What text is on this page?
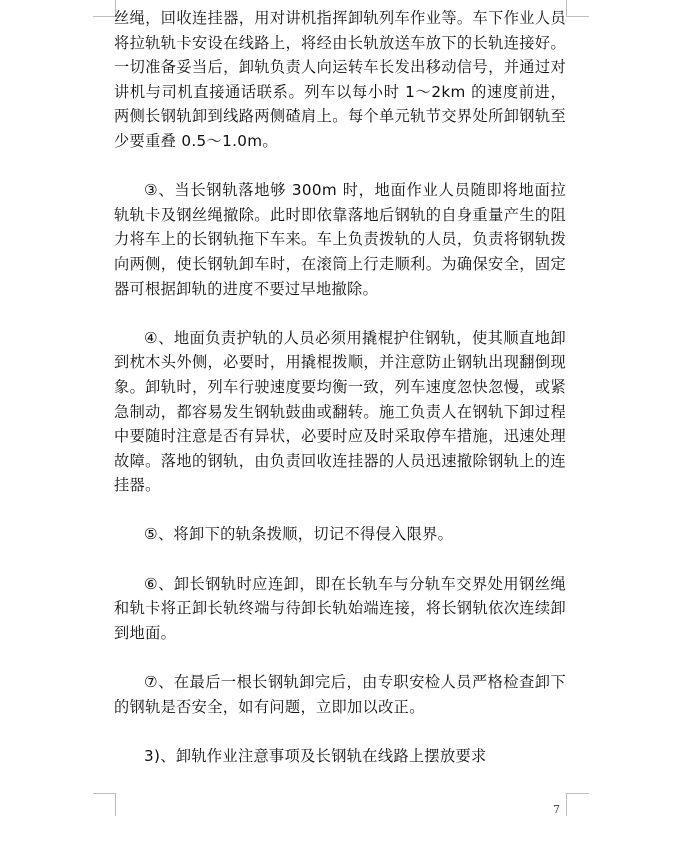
丝绳，回收连挂器，用对讲机指挥卸轨列车作业等。车下作业人员将拉轨轨卡安设在线路上，将经由长轨放送车放下的长轨连接好。一切准备妥当后，卸轨负责人向运转车长发出移动信号，并通过对讲机与司机直接通话联系。列车以每小时 1～2km 的速度前进，两侧长钢轨卸到线路两侧碴肩上。每个单元轨节交界处所卸钢轨至少要重叠 0.5～1.0m。

③、当长钢轨落地够 300m 时，地面作业人员随即将地面拉轨轨卡及钢丝绳撤除。此时即依靠落地后钢轨的自身重量产生的阻力将车上的长钢轨拖下车来。车上负责拨轨的人员，负责将钢轨拨向两侧，使长钢轨卸车时，在滚筒上行走顺利。为确保安全，固定器可根据卸轨的进度不要过早地撤除。

④、地面负责护轨的人员必须用撬棍护住钢轨，使其顺直地卸到枕木头外侧，必要时，用撬棍拨顺，并注意防止钢轨出现翻倒现象。卸轨时，列车行驶速度要均衡一致，列车速度忽快忽慢，或紧急制动，都容易发生钢轨鼓曲或翻转。施工负责人在钢轨下卸过程中要随时注意是否有异状，必要时应及时采取停车措施，迅速处理故障。落地的钢轨，由负责回收连挂器的人员迅速撤除钢轨上的连挂器。

⑤、将卸下的轨条拨顺，切记不得侵入限界。

⑥、卸长钢轨时应连卸，即在长轨车与分轨车交界处用钢丝绳和轨卡将正卸长轨终端与待卸长轨始端连接，将长钢轨依次连续卸到地面。

⑦、在最后一根长钢轨卸完后，由专职安检人员严格检查卸下的钢轨是否安全，如有问题，立即加以改正。

3)、卸轨作业注意事项及长钢轨在线路上摆放要求

7
